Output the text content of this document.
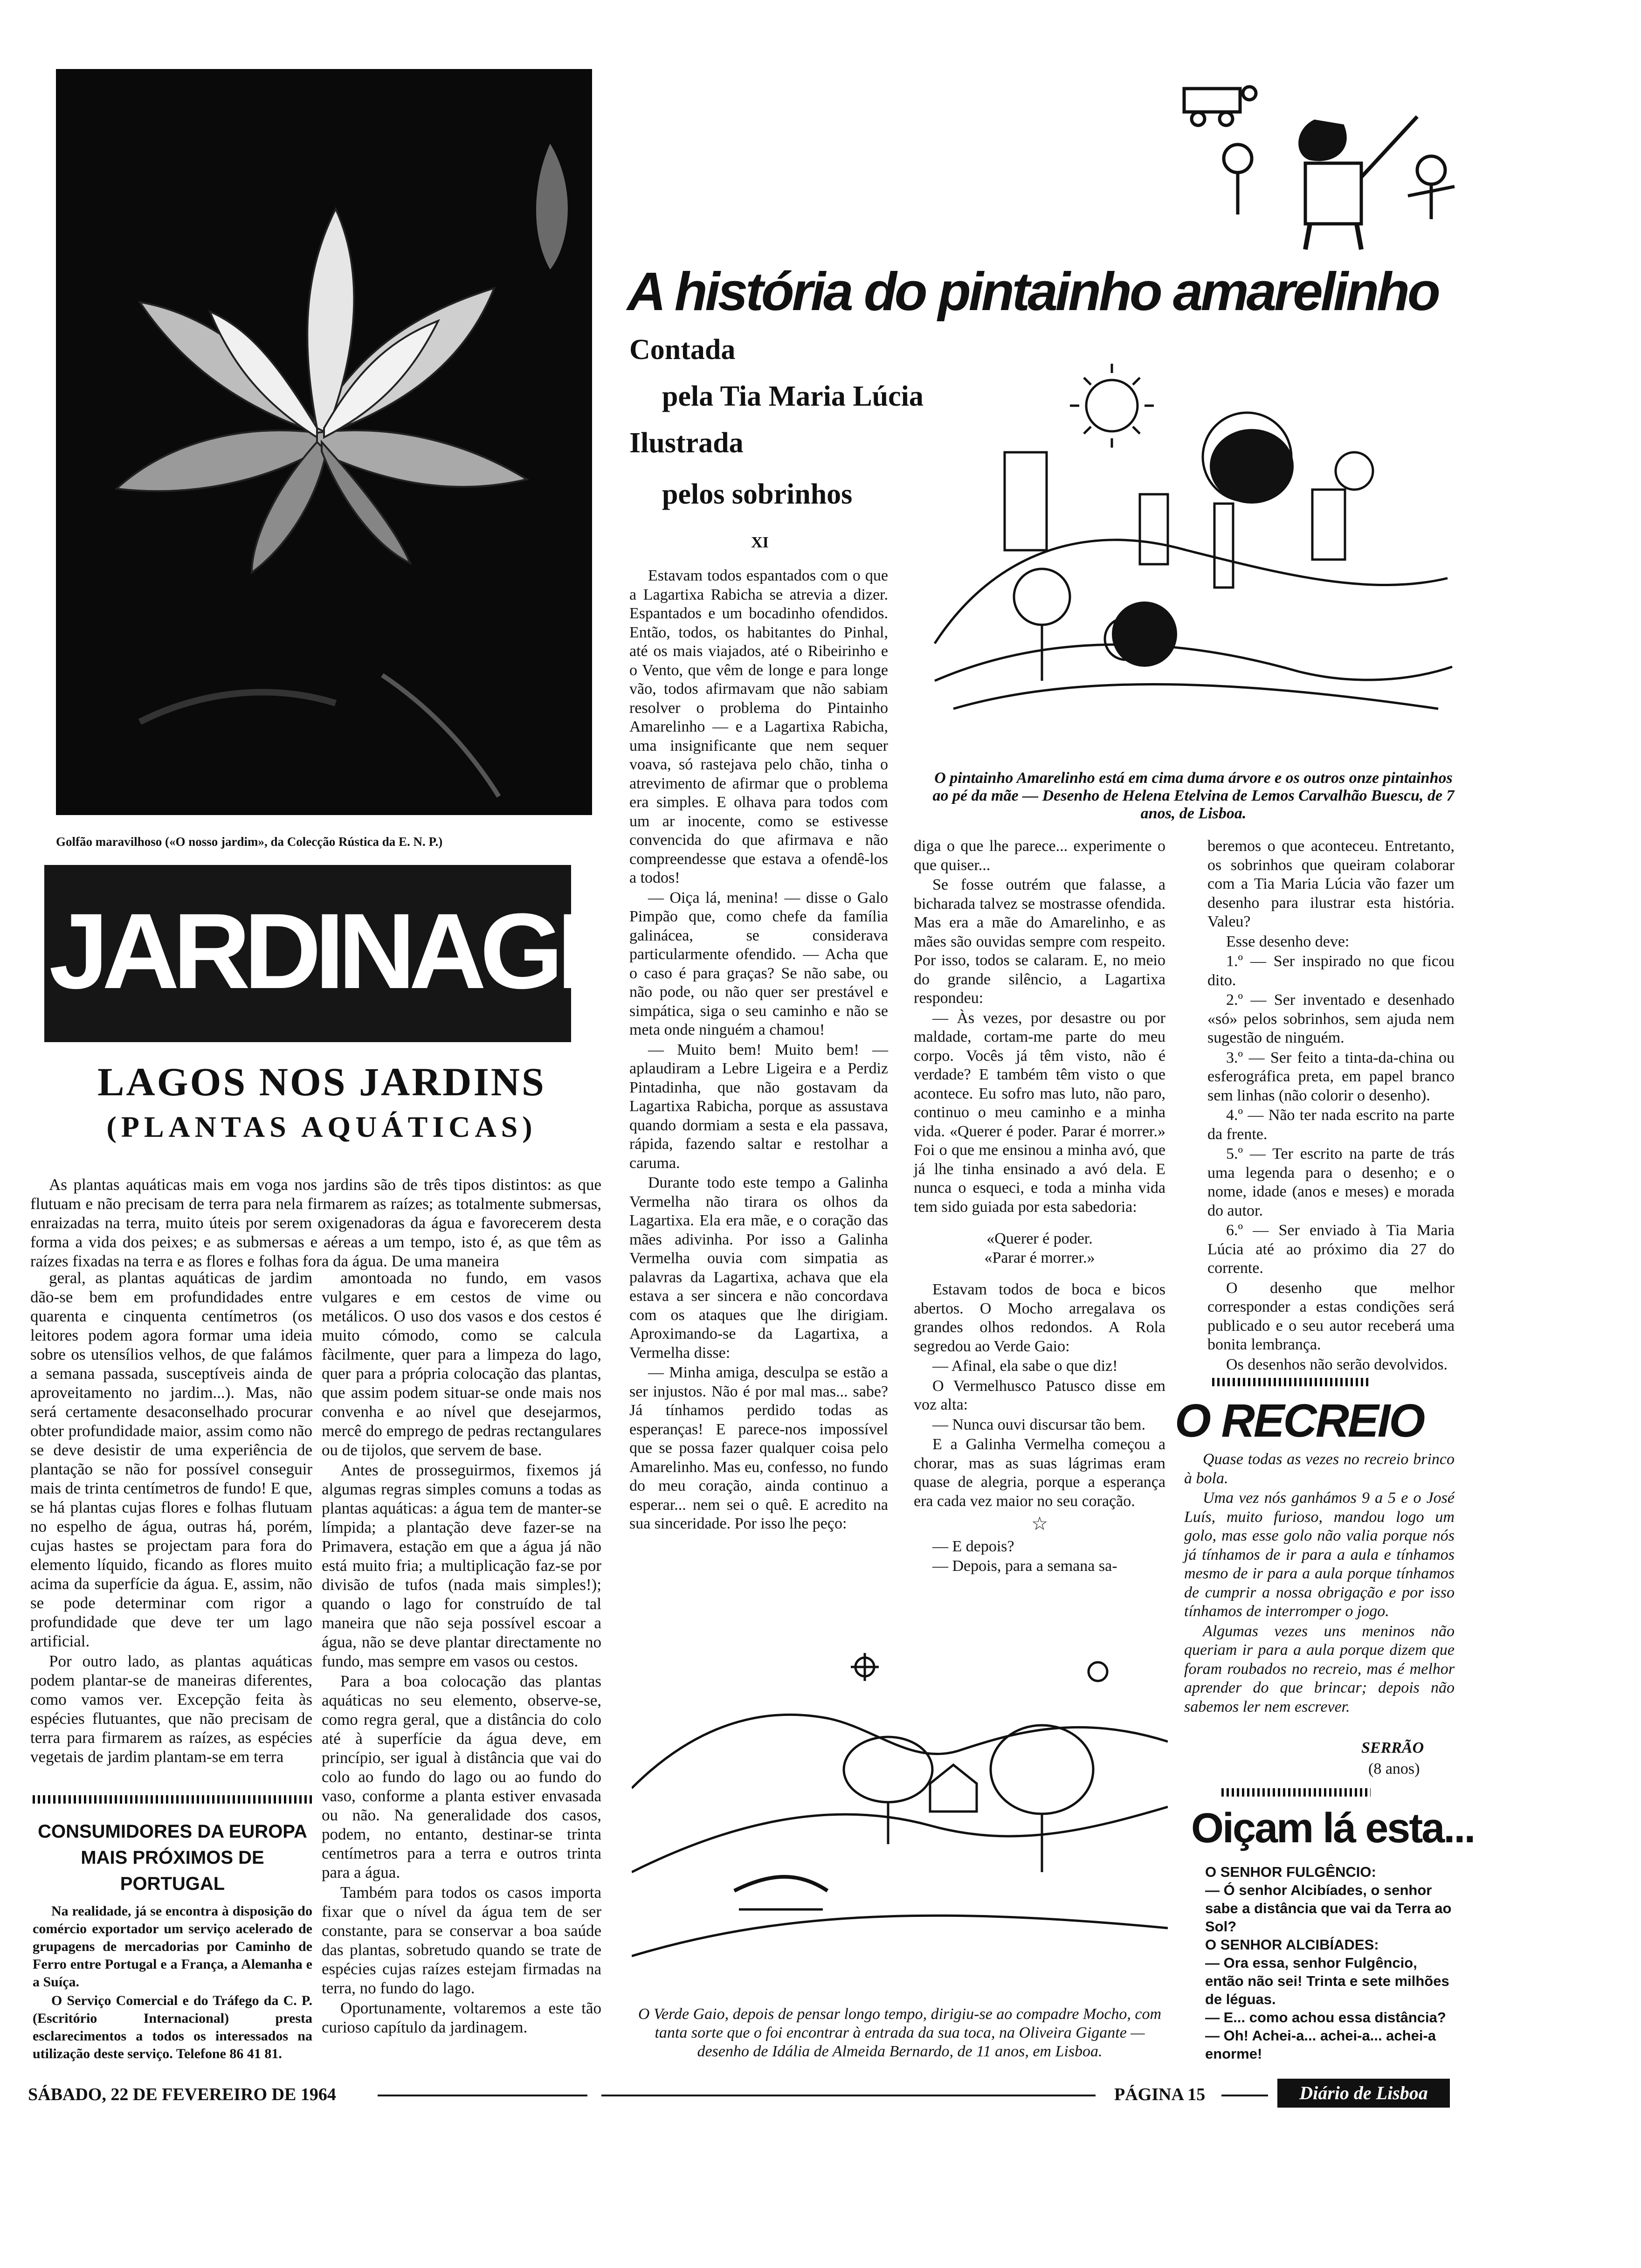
Golfão maravilhoso («O nosso jardim», da Colecção Rústica da E. N. P.)
JARDINAGEM
LAGOS NOS JARDINS
(PLANTAS AQUÁTICAS)

As plantas aquáticas mais em voga nos jardins são de três tipos distintos: as que flutuam e não precisam de terra para nela firmarem as raízes; as totalmente submersas, enraizadas na terra, muito úteis por serem oxigenadoras da água e favorecerem desta forma a vida dos peixes; e as submersas e aéreas a um tempo, isto é, as que têm as raízes fixadas na terra e as flores e folhas fora da água. De uma maneira

geral, as plantas aquáticas de jardim dão-se bem em profundidades entre quarenta e cinquenta centímetros (os leitores podem agora formar uma ideia sobre os utensílios velhos, de que falámos a semana passada, susceptíveis ainda de aproveitamento no jardim...). Mas, não será certamente desaconselhado procurar obter profundidade maior, assim como não se deve desistir de uma experiência de plantação se não for possível conseguir mais de trinta centímetros de fundo! E que, se há plantas cujas flores e folhas flutuam no espelho de água, outras há, porém, cujas hastes se projectam para fora do elemento líquido, ficando as flores muito acima da superfície da água. E, assim, não se pode determinar com rigor a profundidade que deve ter um lago artificial.

Por outro lado, as plantas aquáticas podem plantar-se de maneiras diferentes, como vamos ver. Excepção feita às espécies flutuantes, que não precisam de terra para firmarem as raízes, as espécies vegetais de jardim plantam-se em terra

amontoada no fundo, em vasos vulgares e em cestos de vime ou metálicos. O uso dos vasos e dos cestos é muito cómodo, como se calcula fàcilmente, quer para a limpeza do lago, quer para a própria colocação das plantas, que assim podem situar-se onde mais nos convenha e ao nível que desejarmos, mercê do emprego de pedras rectangulares ou de tijolos, que servem de base.

Antes de prosseguirmos, fixemos já algumas regras simples comuns a todas as plantas aquáticas: a água tem de manter-se límpida; a plantação deve fazer-se na Primavera, estação em que a água já não está muito fria; a multiplicação faz-se por divisão de tufos (nada mais simples!); quando o lago for construído de tal maneira que não seja possível escoar a água, não se deve plantar directamente no fundo, mas sempre em vasos ou cestos.

Para a boa colocação das plantas aquáticas no seu elemento, observe-se, como regra geral, que a distância do colo até à superfície da água deve, em princípio, ser igual à distância que vai do colo ao fundo do lago ou ao fundo do vaso, conforme a planta estiver envasada ou não. Na generalidade dos casos, podem, no entanto, destinar-se trinta centímetros para a terra e outros trinta para a água.

Também para todos os casos importa fixar que o nível da água tem de ser constante, para se conservar a boa saúde das plantas, sobretudo quando se trate de espécies cujas raízes estejam firmadas na terra, no fundo do lago.

Oportunamente, voltaremos a este tão curioso capítulo da jardinagem.

CONSUMIDORES DA EUROPA MAIS PRÓXIMOS DE PORTUGAL

Na realidade, já se encontra à disposição do comércio exportador um serviço acelerado de grupagens de mercadorias por Caminho de Ferro entre Portugal e a França, a Alemanha e a Suíça.

O Serviço Comercial e do Tráfego da C. P. (Escritório Internacional) presta esclarecimentos a todos os interessados na utilização deste serviço. Telefone 86 41 81.

A história do pintainho amarelinho
Contada
pela Tia Maria Lúcia
Ilustrada
pelos sobrinhos
XI
O pintainho Amarelinho está em cima duma árvore e os outros onze pintainhos ao pé da mãe — Desenho de Helena Etelvina de Lemos Carvalhão Buescu, de 7 anos, de Lisboa.

Estavam todos espantados com o que a Lagartixa Rabicha se atrevia a dizer. Espantados e um bocadinho ofendidos. Então, todos, os habitantes do Pinhal, até os mais viajados, até o Ribeirinho e o Vento, que vêm de longe e para longe vão, todos afirmavam que não sabiam resolver o problema do Pintainho Amarelinho — e a Lagartixa Rabicha, uma insignificante que nem sequer voava, só rastejava pelo chão, tinha o atrevimento de afirmar que o problema era simples. E olhava para todos com um ar inocente, como se estivesse convencida do que afirmava e não compreendesse que estava a ofendê-los a todos!

— Oiça lá, menina! — disse o Galo Pimpão que, como chefe da família galinácea, se considerava particularmente ofendido. — Acha que o caso é para graças? Se não sabe, ou não pode, ou não quer ser prestável e simpática, siga o seu caminho e não se meta onde ninguém a chamou!

— Muito bem! Muito bem! — aplaudiram a Lebre Ligeira e a Perdiz Pintadinha, que não gostavam da Lagartixa Rabicha, porque as assustava quando dormiam a sesta e ela passava, rápida, fazendo saltar e restolhar a caruma.

Durante todo este tempo a Galinha Vermelha não tirara os olhos da Lagartixa. Ela era mãe, e o coração das mães adivinha. Por isso a Galinha Vermelha ouvia com simpatia as palavras da Lagartixa, achava que ela estava a ser sincera e não concordava com os ataques que lhe dirigiam. Aproximando-se da Lagartixa, a Vermelha disse:

— Minha amiga, desculpa se estão a ser injustos. Não é por mal mas... sabe? Já tínhamos perdido todas as esperanças! E parece-nos impossível que se possa fazer qualquer coisa pelo Amarelinho. Mas eu, confesso, no fundo do meu coração, ainda continuo a esperar... nem sei o quê. E acredito na sua sinceridade. Por isso lhe peço:

diga o que lhe parece... experimente o que quiser...

Se fosse outrém que falasse, a bicharada talvez se mostrasse ofendida. Mas era a mãe do Amarelinho, e as mães são ouvidas sempre com respeito. Por isso, todos se calaram. E, no meio do grande silêncio, a Lagartixa respondeu:

— Às vezes, por desastre ou por maldade, cortam-me parte do meu corpo. Vocês já têm visto, não é verdade? E também têm visto o que acontece. Eu sofro mas luto, não paro, continuo o meu caminho e a minha vida. «Querer é poder. Parar é morrer.» Foi o que me ensinou a minha avó, que já lhe tinha ensinado a avó dela. E nunca o esqueci, e toda a minha vida tem sido guiada por esta sabedoria:

«Querer é poder.
«Parar é morrer.»

Estavam todos de boca e bicos abertos. O Mocho arregalava os grandes olhos redondos. A Rola segredou ao Verde Gaio:

— Afinal, ela sabe o que diz!

O Vermelhusco Patusco disse em voz alta:

— Nunca ouvi discursar tão bem.

E a Galinha Vermelha começou a chorar, mas as suas lágrimas eram quase de alegria, porque a esperança era cada vez maior no seu coração.

☆

— E depois?

— Depois, para a semana sa-

beremos o que aconteceu. Entretanto, os sobrinhos que queiram colaborar com a Tia Maria Lúcia vão fazer um desenho para ilustrar esta história. Valeu?

Esse desenho deve:

1.º — Ser inspirado no que ficou dito.

2.º — Ser inventado e desenhado «só» pelos sobrinhos, sem ajuda nem sugestão de ninguém.

3.º — Ser feito a tinta-da-china ou esferográfica preta, em papel branco sem linhas (não colorir o desenho).

4.º — Não ter nada escrito na parte da frente.

5.º — Ter escrito na parte de trás uma legenda para o desenho; e o nome, idade (anos e meses) e morada do autor.

6.º — Ser enviado à Tia Maria Lúcia até ao próximo dia 27 do corrente.

O desenho que melhor corresponder a estas condições será publicado e o seu autor receberá uma bonita lembrança.

Os desenhos não serão devolvidos.

O Verde Gaio, depois de pensar longo tempo, dirigiu-se ao compadre Mocho, com tanta sorte que o foi encontrar à entrada da sua toca, na Oliveira Gigante — desenho de Idália de Almeida Bernardo, de 11 anos, em Lisboa.
O RECREIO

Quase todas as vezes no recreio brinco à bola.

Uma vez nós ganhámos 9 a 5 e o José Luís, muito furioso, mandou logo um golo, mas esse golo não valia porque nós já tínhamos de ir para a aula e tínhamos mesmo de ir para a aula porque tínhamos de cumprir a nossa obrigação e por isso tínhamos de interromper o jogo.

Algumas vezes uns meninos não queriam ir para a aula porque dizem que foram roubados no recreio, mas é melhor aprender do que brincar; depois não sabemos ler nem escrever.

SERRÃO
(8 anos)
Oiçam lá esta...
O SENHOR FULGÊNCIO:
— Ó senhor Alcibíades, o senhor sabe a distância que vai da Terra ao Sol?
O SENHOR ALCIBÍADES:
— Ora essa, senhor Fulgêncio, então não sei! Trinta e sete milhões de léguas.
— E... como achou essa distância?
— Oh! Achei-a... achei-a... achei-a enorme!
SÁBADO, 22 DE FEVEREIRO DE 1964	PÁGINA 15	Diário de Lisboa
